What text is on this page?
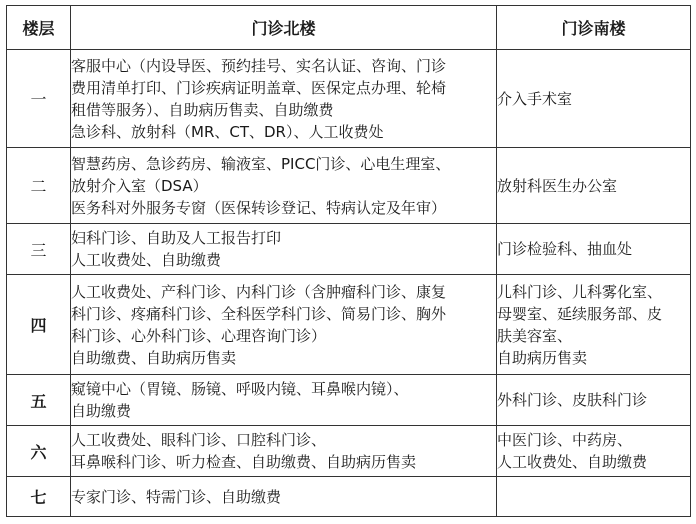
楼层	门诊北楼	门诊南楼
一	客服中心（内设导医、预约挂号、实名认证、咨询、门诊
费用清单打印、门诊疾病证明盖章、医保定点办理、轮椅
租借等服务）、自助病历售卖、自助缴费
急诊科、放射科（MR、CT、DR）、人工收费处	介入手术室

二	智慧药房、急诊药房、输液室、PICC门诊、心电生理室、
放射介入室（DSA）
医务科对外服务专窗（医保转诊登记、特病认定及年审）	放射科医生办公室

三	妇科门诊、自助及人工报告打印
人工收费处、自助缴费	门诊检验科、抽血处

四	人工收费处、产科门诊、内科门诊（含肿瘤科门诊、康复
科门诊、疼痛科门诊、全科医学科门诊、简易门诊、胸外
科门诊、心外科门诊、心理咨询门诊）
自助缴费、自助病历售卖	儿科门诊、儿科雾化室、
母婴室、延续服务部、皮
肤美容室、
自助病历售卖

五	窥镜中心（胃镜、肠镜、呼吸内镜、耳鼻喉内镜）、
自助缴费	外科门诊、皮肤科门诊

六	人工收费处、眼科门诊、口腔科门诊、
耳鼻喉科门诊、听力检查、自助缴费、自助病历售卖	中医门诊、中药房、
人工收费处、自助缴费

七	专家门诊、特需门诊、自助缴费	
